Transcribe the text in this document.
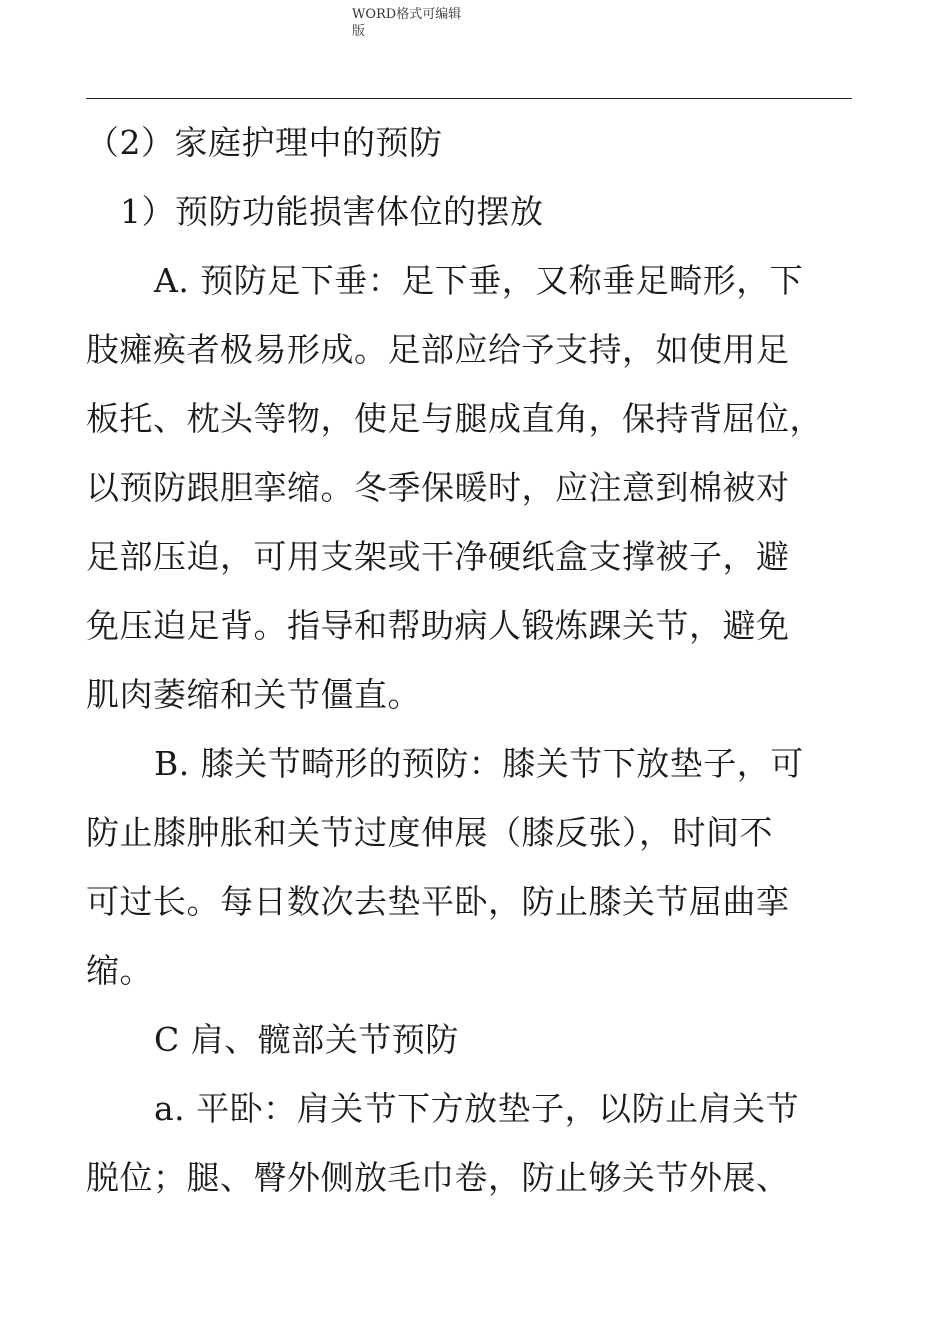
WORD格式可编辑
版
（2）家庭护理中的预防
1）预防功能损害体位的摆放
A. 预防足下垂：足下垂，又称垂足畸形，下
肢瘫痪者极易形成。足部应给予支持，如使用足
板托、枕头等物，使足与腿成直角，保持背屈位，
以预防跟胆挛缩。冬季保暖时，应注意到棉被对
足部压迫，可用支架或干净硬纸盒支撑被子，避
免压迫足背。指导和帮助病人锻炼踝关节，避免
肌肉萎缩和关节僵直。
B. 膝关节畸形的预防：膝关节下放垫子，可
防止膝肿胀和关节过度伸展（膝反张），时间不
可过长。每日数次去垫平卧，防止膝关节屈曲挛
缩。
C 肩、髋部关节预防
a. 平卧：肩关节下方放垫子，以防止肩关节
脱位；腿、臀外侧放毛巾卷，防止够关节外展、
